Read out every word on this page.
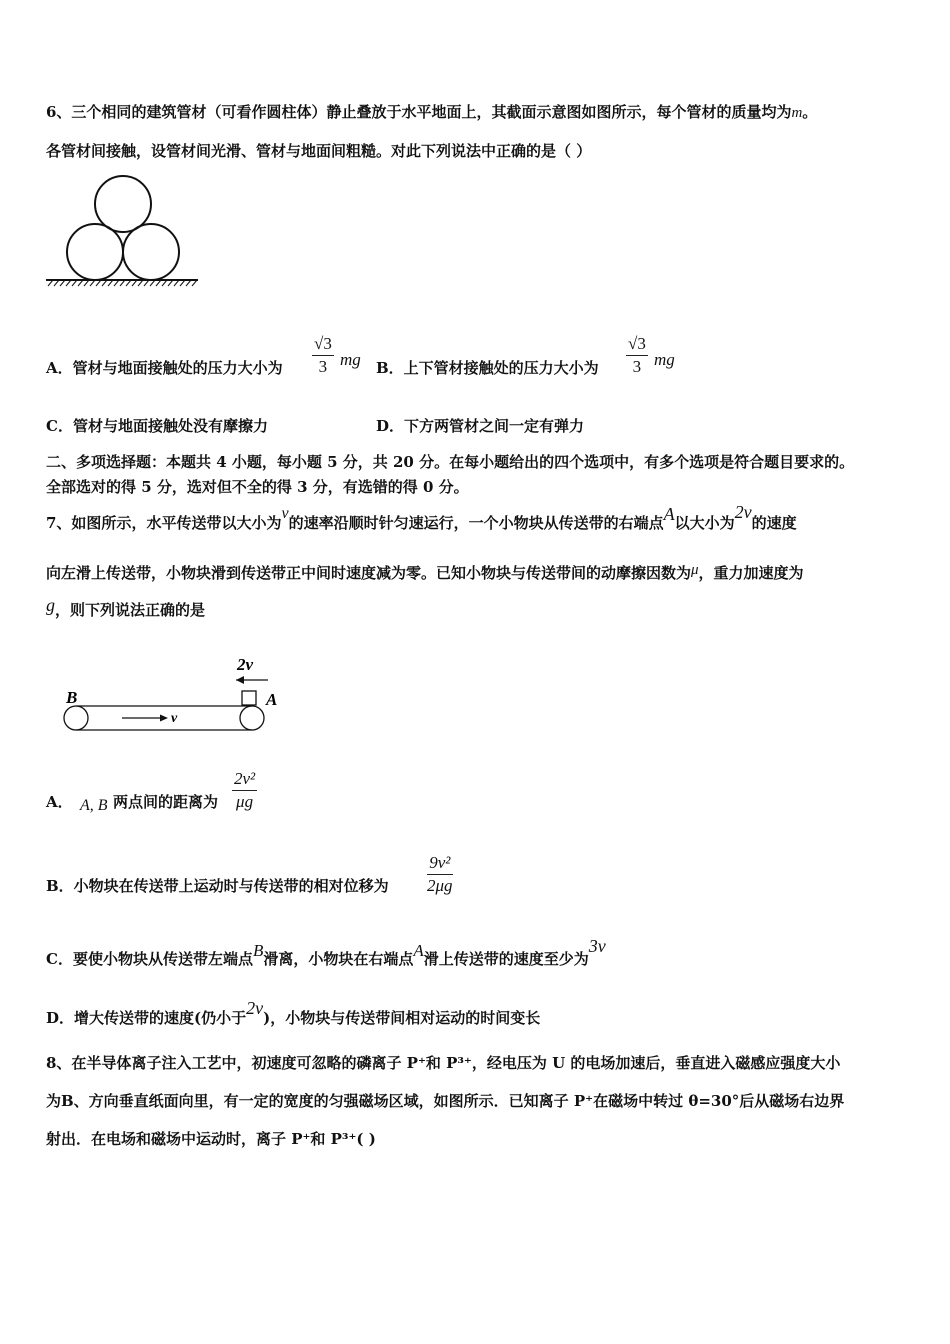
6、三个相同的建筑管材（可看作圆柱体）静止叠放于水平地面上，其截面示意图如图所示，每个管材的质量均为m。
各管材间接触，设管材间光滑、管材与地面间粗糙。对此下列说法中正确的是（ ）
A．管材与地面接触处的压力大小为 $\frac{√3}{3}$ mg B．上下管材接触处的压力大小为 $\frac{√3}{3}$ mg
C．管材与地面接触处没有摩擦力	D．下方两管材之间一定有弹力
二、多项选择题：本题共 4 小题，每小题 5 分，共 20 分。在每小题给出的四个选项中，有多个选项是符合题目要求的。
全部选对的得 5 分，选对但不全的得 3 分，有选错的得 0 分。
7、如图所示，水平传送带以大小为v的速率沿顺时针匀速运行，一个小物块从传送带的右端点A以大小为2v的速度
向左滑上传送带，小物块滑到传送带正中间时速度减为零。已知小物块与传送带间的动摩擦因数为μ，重力加速度为
g，则下列说法正确的是
2v
B	A
v
A． A, B 两点间的距离为 $\frac{\text{2v²}}{\mu g}$
B．小物块在传送带上运动时与传送带的相对位移为 $\frac{\text{9v²}}{2\mu g}$
C．要使小物块从传送带左端点B滑离，小物块在右端点A滑上传送带的速度至少为3v
D．增大传送带的速度(仍小于2v)，小物块与传送带间相对运动的时间变长
8、在半导体离子注入工艺中，初速度可忽略的磷离子 P⁺和 P³⁺，经电压为 U 的电场加速后，垂直进入磁感应强度大小
为B、方向垂直纸面向里，有一定的宽度的匀强磁场区域，如图所示．已知离子 P⁺在磁场中转过 θ=30°后从磁场右边界
射出．在电场和磁场中运动时，离子 P⁺和 P³⁺( )
